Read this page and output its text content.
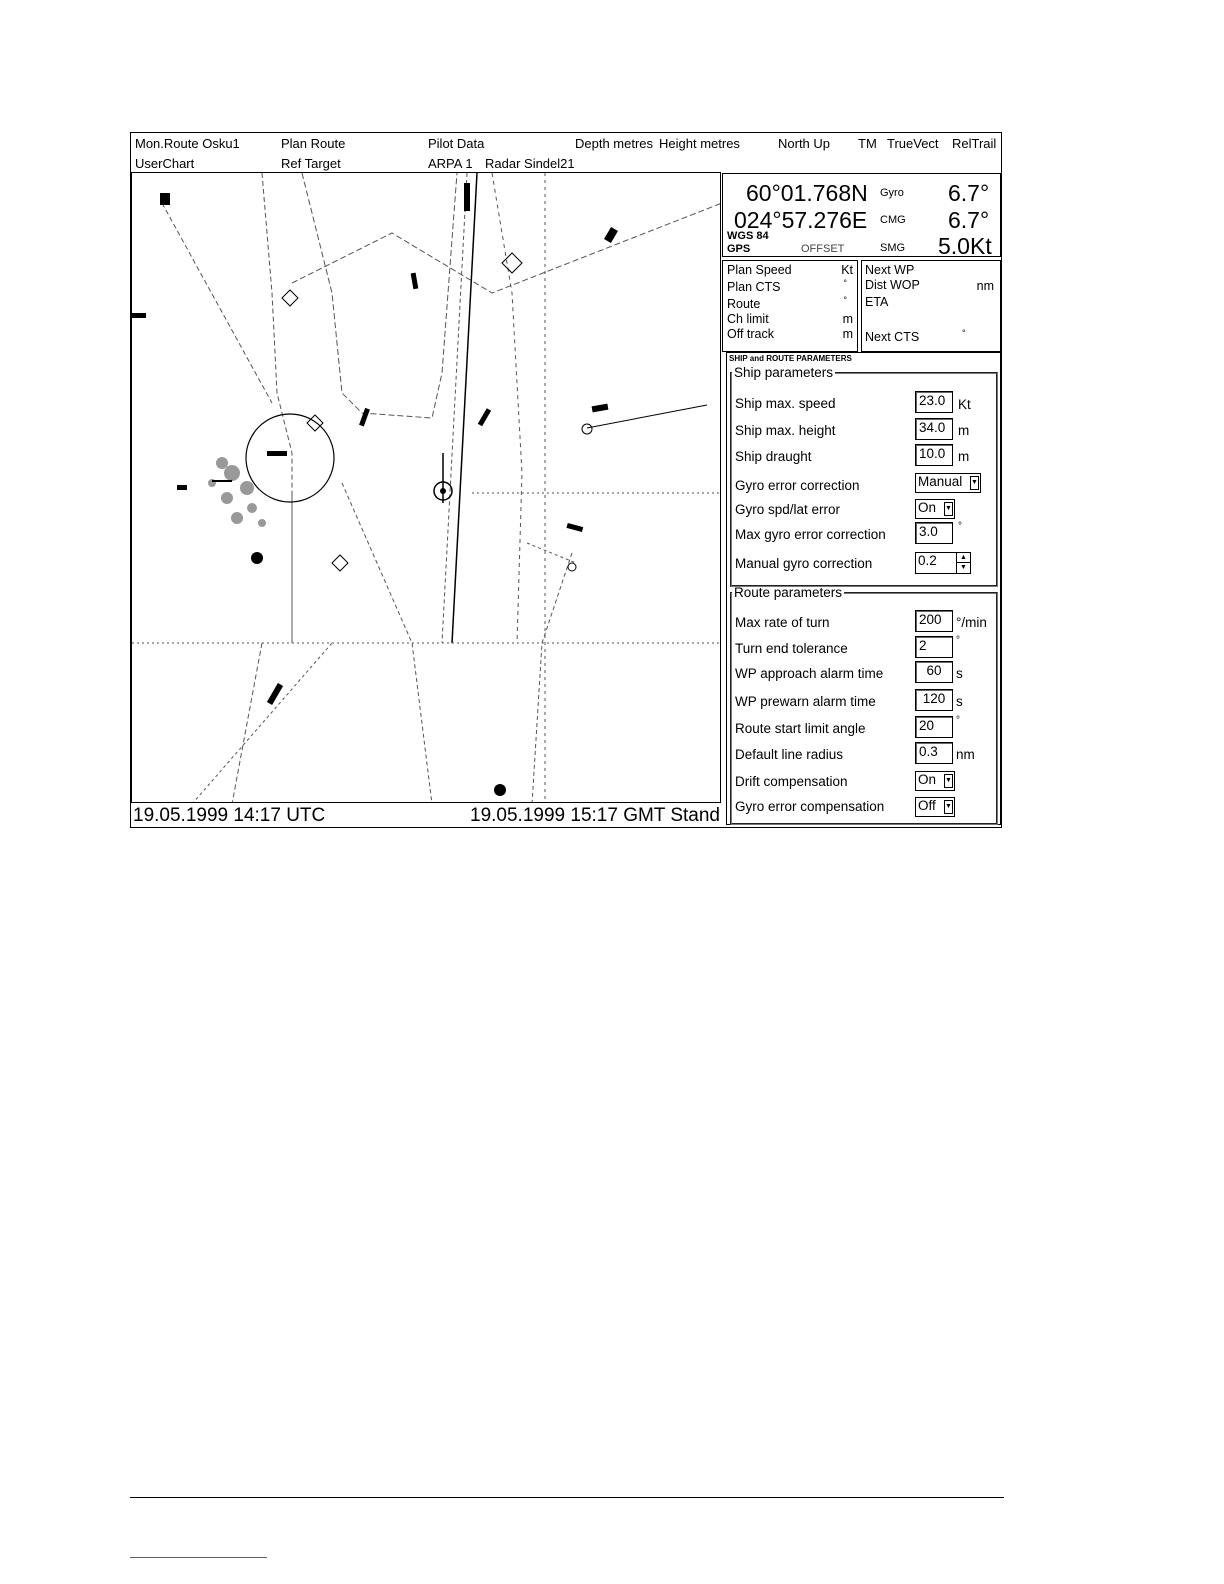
Mon.Route Osku1	Plan Route	Pilot Data	Depth metres Height metres	North Up TM TrueVect RelTrail
UserChart	Ref Target	ARPA 1 Radar Sindel21
60°01.768N
024°57.276E
WGS 84
GPS	OFFSET
Gyro 6.7°
CMG 6.7°
SMG 5.0Kt
Plan Speed	Kt
Plan CTS	°
Route	°
Ch limit	m
Off track	m
Next WP
Dist WOP	nm
ETA
Next CTS	°
SHIP and ROUTE PARAMETERS
Ship parameters
Ship max. speed	23.0 Kt
Ship max. height	34.0 m
Ship draught	10.0 m
Gyro error correction	Manual ▼
Gyro spd/lat error	On ▼
Max gyro error correction 3.0	°
Manual gyro correction	0.2	▲
▼
Route parameters
Max rate of turn	200	°/min
Turn end tolerance	2	°
WP approach alarm time	60	s
WP prewarn alarm time	120 s
Route start limit angle	20	°
Default line radius	0.3	nm
Drift compensation	On ▼
Gyro error compensation Off ▼
19.05.1999 14:17 UTC	19.05.1999 15:17 GMT Stand
